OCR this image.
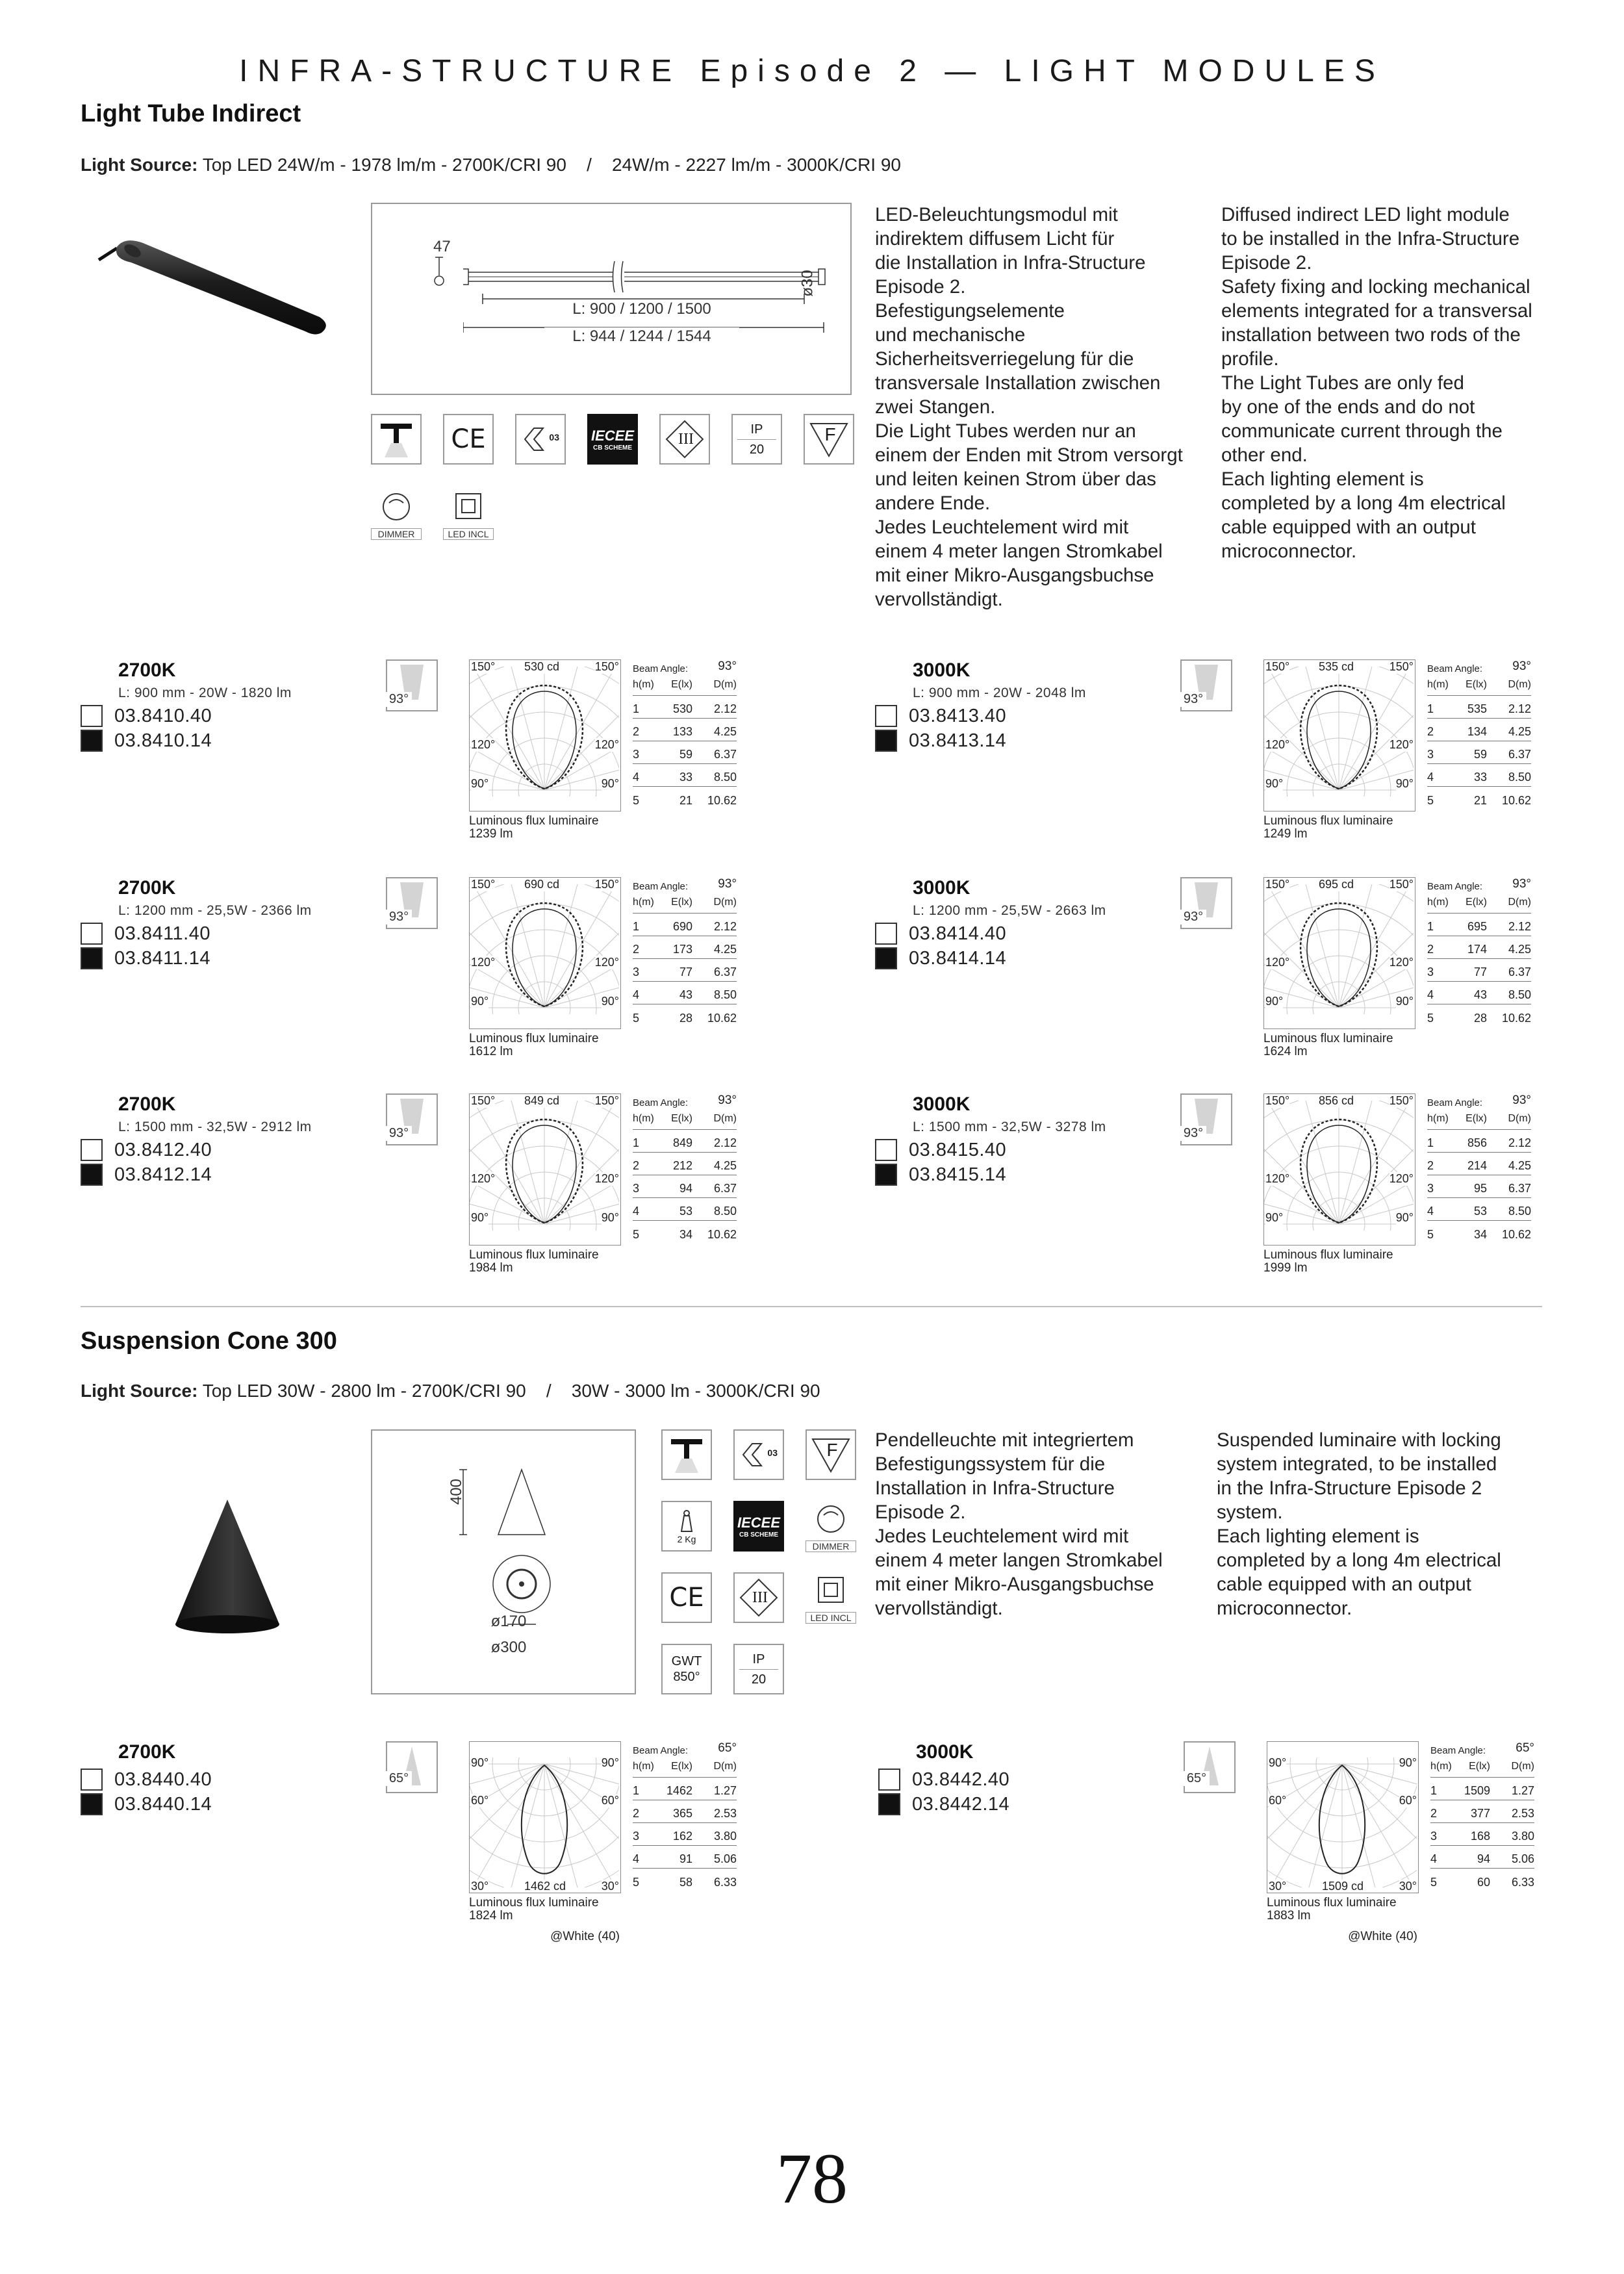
INFRA-STRUCTURE Episode 2 — LIGHT MODULES
Light Tube Indirect
Light Source: Top LED 24W/m - 1978 lm/m - 2700K/CRI 90    /    24W/m - 2227 lm/m - 3000K/CRI 90
47
L: 900 / 1200 / 1500
L: 944 / 1244 / 1544
ø30
CE	03 IECEE
CB SCHEME	III
IP
20
F
DIMMER	LED INCL
LED-Beleuchtungsmodul mit
indirektem diffusem Licht für
die Installation in Infra-Structure
Episode 2.
Befestigungselemente
und mechanische
Sicherheitsverriegelung für die
transversale Installation zwischen
zwei Stangen.
Die Light Tubes werden nur an
einem der Enden mit Strom versorgt
und leiten keinen Strom über das
andere Ende.
Jedes Leuchtelement wird mit
einem 4 meter langen Stromkabel
mit einer Mikro-Ausgangsbuchse
vervollständigt.
Diffused indirect LED light module
to be installed in the Infra-Structure
Episode 2.
Safety fixing and locking mechanical
elements integrated for a transversal
installation between two rods of the
profile.
The Light Tubes are only fed
by one of the ends and do not
communicate current through the
other end.
Each lighting element is
completed by a long 4m electrical
cable equipped with an output
microconnector.
2700K
L: 900 mm - 20W - 1820 lm
03.8410.40
03.8410.14
93°
150° 530 cd	150°
120°	120°
90°	90°
Luminous flux luminaire
1239 lm
Beam Angle: 93°
h(m)	E(lx)	D(m)
1	530	2.12
2	133	4.25
3	59	6.37
4	33	8.50
5	21	10.62
3000K
L: 900 mm - 20W - 2048 lm
03.8413.40
03.8413.14
93°
150° 535 cd	150°
120°	120°
90°	90°
Luminous flux luminaire
1249 lm
Beam Angle: 93°
h(m)	E(lx)	D(m)
1	535	2.12
2	134	4.25
3	59	6.37
4	33	8.50
5	21	10.62
2700K
L: 1200 mm - 25,5W - 2366 lm
03.8411.40
03.8411.14
93°
150° 690 cd	150°
120°	120°
90°	90°
Luminous flux luminaire
1612 lm
Beam Angle: 93°
h(m)	E(lx)	D(m)
1	690	2.12
2	173	4.25
3	77	6.37
4	43	8.50
5	28	10.62
3000K
L: 1200 mm - 25,5W - 2663 lm
03.8414.40
03.8414.14
93°
150° 695 cd	150°
120°	120°
90°	90°
Luminous flux luminaire
1624 lm
Beam Angle: 93°
h(m)	E(lx)	D(m)
1	695	2.12
2	174	4.25
3	77	6.37
4	43	8.50
5	28	10.62
2700K
L: 1500 mm - 32,5W - 2912 lm
03.8412.40
03.8412.14
93°
150° 849 cd	150°
120°	120°
90°	90°
Luminous flux luminaire
1984 lm
Beam Angle: 93°
h(m)	E(lx)	D(m)
1	849	2.12
2	212	4.25
3	94	6.37
4	53	8.50
5	34	10.62
3000K
L: 1500 mm - 32,5W - 3278 lm
03.8415.40
03.8415.14
93°
150° 856 cd	150°
120°	120°
90°	90°
Luminous flux luminaire
1999 lm
Beam Angle: 93°
h(m)	E(lx)	D(m)
1	856	2.12
2	214	4.25
3	95	6.37
4	53	8.50
5	34	10.62
Suspension Cone 300
Light Source: Top LED 30W - 2800 lm - 2700K/CRI 90    /    30W - 3000 lm - 3000K/CRI 90
400
ø170
ø300
03	F
2 Kg
IECEE
CB SCHEME
DIMMER
CE	III
LED INCL
GWT
850°
IP
20
Pendelleuchte mit integriertem
Befestigungssystem für die
Installation in Infra-Structure
Episode 2.
Jedes Leuchtelement wird mit
einem 4 meter langen Stromkabel
mit einer Mikro-Ausgangsbuchse
vervollständigt.
Suspended luminaire with locking
system integrated, to be installed
in the Infra-Structure Episode 2
system.
Each lighting element is
completed by a long 4m electrical
cable equipped with an output
microconnector.
2700K
03.8440.40
03.8440.14
65°
90°	90°
60°	60°
30°	1462 cd	30°
Luminous flux luminaire
1824 lm
@White (40)
Beam Angle: 65°
h(m)	E(lx)	D(m)
1	1462	1.27
2	365	2.53
3	162	3.80
4	91	5.06
5	58	6.33
3000K
03.8442.40
03.8442.14
65°
90°	90°
60°	60°
30°	1509 cd	30°
Luminous flux luminaire
1883 lm
@White (40)
Beam Angle: 65°
h(m)	E(lx)	D(m)
1	1509	1.27
2	377	2.53
3	168	3.80
4	94	5.06
5	60	6.33
78
